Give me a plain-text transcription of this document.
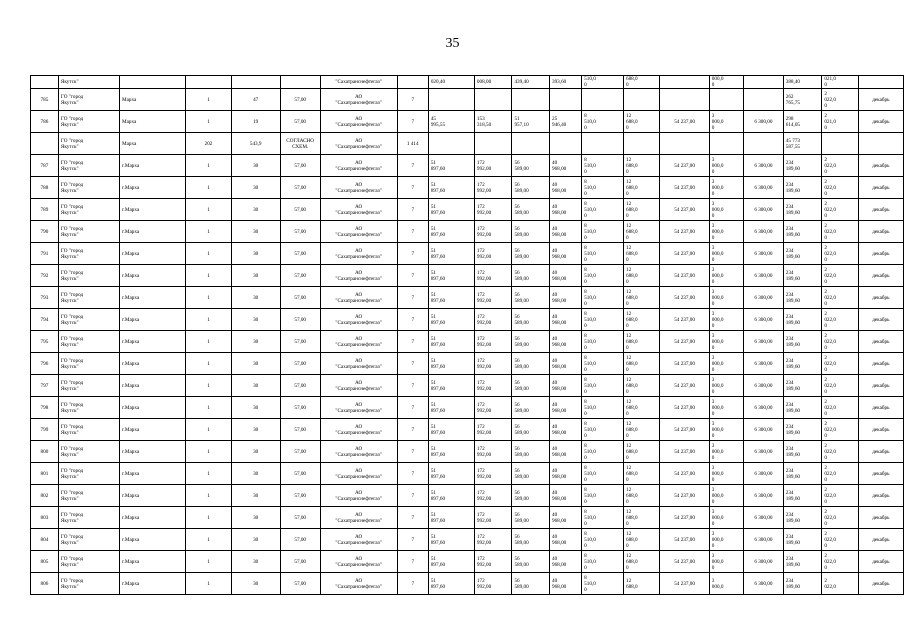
35

	Якутск"					"Сахатранснефтегаз"		020,40	008,00	439,40	393,60	510,0
0	688,0
0		000,0
0		388,40	021,0
0	

785	ГО "город
Якутск"	Марха	1	47	57,00	АО
"Сахатранснефтегаз"	7										262
765,75	2
022,0
0	декабрь

786	ГО "город
Якутск"	Марха	1	19	57,00	АО
"Сахатранснефтегаз"	7	45
995,55	153
318,50	51
957,10	25
946,40	8
510,0
0	12
688,0
0	54 237,00	3
000,0
0	6 300,00	298
614,05	2
021,0
0	декабрь

	ГО "город
Якутск"	Марха	202	543,9	СОГЛАСНО
СХЕМ.	АО
"Сахатранснефтегаз"	1 414										45 773
587,55		

787	ГО "город
Якутск"	г.Марха	1	30	57,00	АО
"Сахатранснефтегаз"	7	51
897,60	172
992,00	56
589,00	40
968,00	8
510,0
0	12
688,0
0	54 237,00	3
000,0
0	6 300,00	234
189,60	2
022,0
0	декабрь

788	ГО "город
Якутск"	г.Марха	1	30	57,00	АО
"Сахатранснефтегаз"	7	51
897,60	172
992,00	56
589,00	40
968,00	8
510,0
0	12
688,0
0	54 237,00	3
000,0
0	6 300,00	234
189,60	2
022,0
0	декабрь

789	ГО "город
Якутск"	г.Марха	1	30	57,00	АО
"Сахатранснефтегаз"	7	51
897,60	172
992,00	56
589,00	40
968,00	8
510,0
0	12
688,0
0	54 237,00	3
000,0
0	6 300,00	234
189,60	2
022,0
0	декабрь

790	ГО "город
Якутск"	г.Марха	1	30	57,00	АО
"Сахатранснефтегаз"	7	51
897,60	172
992,00	56
589,00	40
968,00	8
510,0
0	12
688,0
0	54 237,00	3
000,0
0	6 300,00	234
189,60	2
022,0
0	декабрь

791	ГО "город
Якутск"	г.Марха	1	30	57,00	АО
"Сахатранснефтегаз"	7	51
897,60	172
992,00	56
589,00	40
968,00	8
510,0
0	12
688,0
0	54 237,00	3
000,0
0	6 300,00	234
189,60	2
022,0
0	декабрь

792	ГО "город
Якутск"	г.Марха	1	30	57,00	АО
"Сахатранснефтегаз"	7	51
897,60	172
992,00	56
589,00	40
968,00	8
510,0
0	12
688,0
0	54 237,00	3
000,0
0	6 300,00	234
189,60	2
022,0
0	декабрь

793	ГО "город
Якутск"	г.Марха	1	30	57,00	АО
"Сахатранснефтегаз"	7	51
897,60	172
992,00	56
589,00	40
968,00	8
510,0
0	12
688,0
0	54 237,00	3
000,0
0	6 300,00	234
189,60	2
022,0
0	декабрь

794	ГО "город
Якутск"	г.Марха	1	30	57,00	АО
"Сахатранснефтегаз"	7	51
897,60	172
992,00	56
589,00	40
968,00	8
510,0
0	12
688,0
0	54 237,00	3
000,0
0	6 300,00	234
189,60	2
022,0
0	декабрь

795	ГО "город
Якутск"	г.Марха	1	30	57,00	АО
"Сахатранснефтегаз"	7	51
897,60	172
992,00	56
589,00	40
968,00	8
510,0
0	12
688,0
0	54 237,00	3
000,0
0	6 300,00	234
189,60	2
022,0
0	декабрь

796	ГО "город
Якутск"	г.Марха	1	30	57,00	АО
"Сахатранснефтегаз"	7	51
897,60	172
992,00	56
589,00	40
968,00	8
510,0
0	12
688,0
0	54 237,00	3
000,0
0	6 300,00	234
189,60	2
022,0
0	декабрь

797	ГО "город
Якутск"	г.Марха	1	30	57,00	АО
"Сахатранснефтегаз"	7	51
897,60	172
992,00	56
589,00	40
968,00	8
510,0
0	12
688,0
0	54 237,00	3
000,0
0	6 300,00	234
189,60	2
022,0
0	декабрь

798	ГО "город
Якутск"	г.Марха	1	30	57,00	АО
"Сахатранснефтегаз"	7	51
897,60	172
992,00	56
589,00	40
968,00	8
510,0
0	12
688,0
0	54 237,00	3
000,0
0	6 300,00	234
189,60	2
022,0
0	декабрь

799	ГО "город
Якутск"	г.Марха	1	30	57,00	АО
"Сахатранснефтегаз"	7	51
897,60	172
992,00	56
589,00	40
968,00	8
510,0
0	12
688,0
0	54 237,00	3
000,0
0	6 300,00	234
189,60	2
022,0
0	декабрь

800	ГО "город
Якутск"	г.Марха	1	30	57,00	АО
"Сахатранснефтегаз"	7	51
897,60	172
992,00	56
589,00	40
968,00	8
510,0
0	12
688,0
0	54 237,00	3
000,0
0	6 300,00	234
189,60	2
022,0
0	декабрь

801	ГО "город
Якутск"	г.Марха	1	30	57,00	АО
"Сахатранснефтегаз"	7	51
897,60	172
992,00	56
589,00	40
968,00	8
510,0
0	12
688,0
0	54 237,00	3
000,0
0	6 300,00	234
189,60	2
022,0
0	декабрь

802	ГО "город
Якутск"	г.Марха	1	30	57,00	АО
"Сахатранснефтегаз"	7	51
897,60	172
992,00	56
589,00	40
968,00	8
510,0
0	12
688,0
0	54 237,00	3
000,0
0	6 300,00	234
189,60	2
022,0
0	декабрь

803	ГО "город
Якутск"	г.Марха	1	30	57,00	АО
"Сахатранснефтегаз"	7	51
897,60	172
992,00	56
589,00	40
968,00	8
510,0
0	12
688,0
0	54 237,00	3
000,0
0	6 300,00	234
189,60	2
022,0
0	декабрь

804	ГО "город
Якутск"	г.Марха	1	30	57,00	АО
"Сахатранснефтегаз"	7	51
897,60	172
992,00	56
589,00	40
968,00	8
510,0
0	12
688,0
0	54 237,00	3
000,0
0	6 300,00	234
189,60	2
022,0
0	декабрь

805	ГО "город
Якутск"	г.Марха	1	30	57,00	АО
"Сахатранснефтегаз"	7	51
897,60	172
992,00	56
589,00	40
968,00	8
510,0
0	12
688,0
0	54 237,00	3
000,0
0	6 300,00	234
189,60	2
022,0
0	декабрь

806	ГО "город
Якутск"	г.Марха	1	30	57,00	АО
"Сахатранснефтегаз"	7	51
897,60	172
992,00	56
589,00	40
968,00	8
510,0
0	12
688,0	54 237,00	3
000,0	6 300,00	234
189,60	2
022,0	декабрь
